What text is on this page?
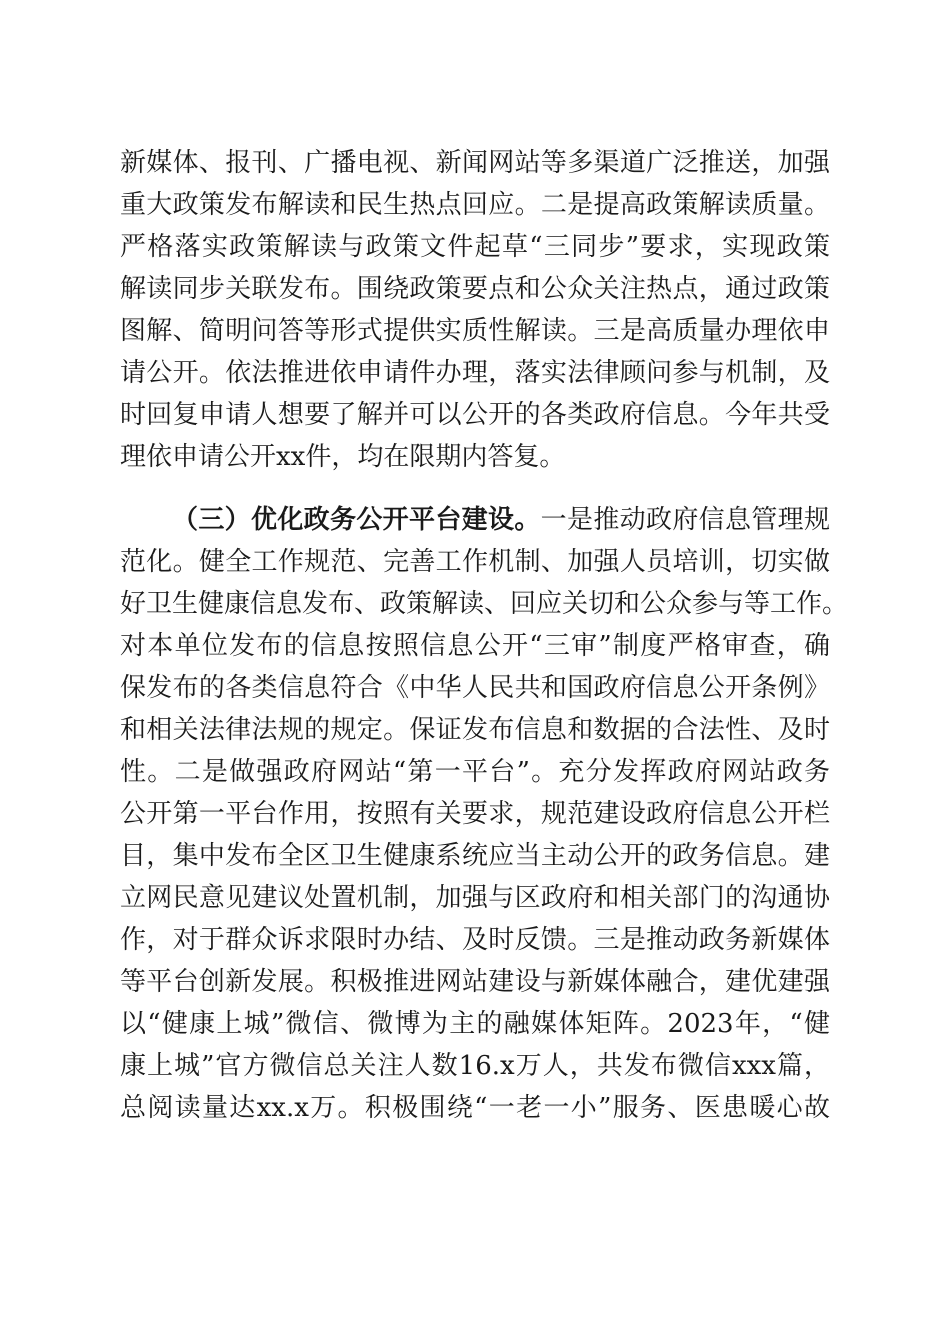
新媒体、报刊、广播电视、新闻网站等多渠道广泛推送，加强
重大政策发布解读和民生热点回应。二是提高政策解读质量。
严格落实政策解读与政策文件起草“三同步”要求，实现政策
解读同步关联发布。围绕政策要点和公众关注热点，通过政策
图解、简明问答等形式提供实质性解读。三是高质量办理依申
请公开。依法推进依申请件办理，落实法律顾问参与机制，及
时回复申请人想要了解并可以公开的各类政府信息。今年共受
理依申请公开xx件，均在限期内答复。
（三）优化政务公开平台建设。一是推动政府信息管理规
范化。健全工作规范、完善工作机制、加强人员培训，切实做
好卫生健康信息发布、政策解读、回应关切和公众参与等工作。
对本单位发布的信息按照信息公开“三审”制度严格审查，确
保发布的各类信息符合《中华人民共和国政府信息公开条例》
和相关法律法规的规定。保证发布信息和数据的合法性、及时
性。二是做强政府网站“第一平台”。充分发挥政府网站政务
公开第一平台作用，按照有关要求，规范建设政府信息公开栏
目，集中发布全区卫生健康系统应当主动公开的政务信息。建
立网民意见建议处置机制，加强与区政府和相关部门的沟通协
作，对于群众诉求限时办结、及时反馈。三是推动政务新媒体
等平台创新发展。积极推进网站建设与新媒体融合，建优建强
以“健康上城”微信、微博为主的融媒体矩阵。2023年，“健
康上城”官方微信总关注人数16.x万人，共发布微信xxx篇，
总阅读量达xx.x万。积极围绕“一老一小”服务、医患暖心故
